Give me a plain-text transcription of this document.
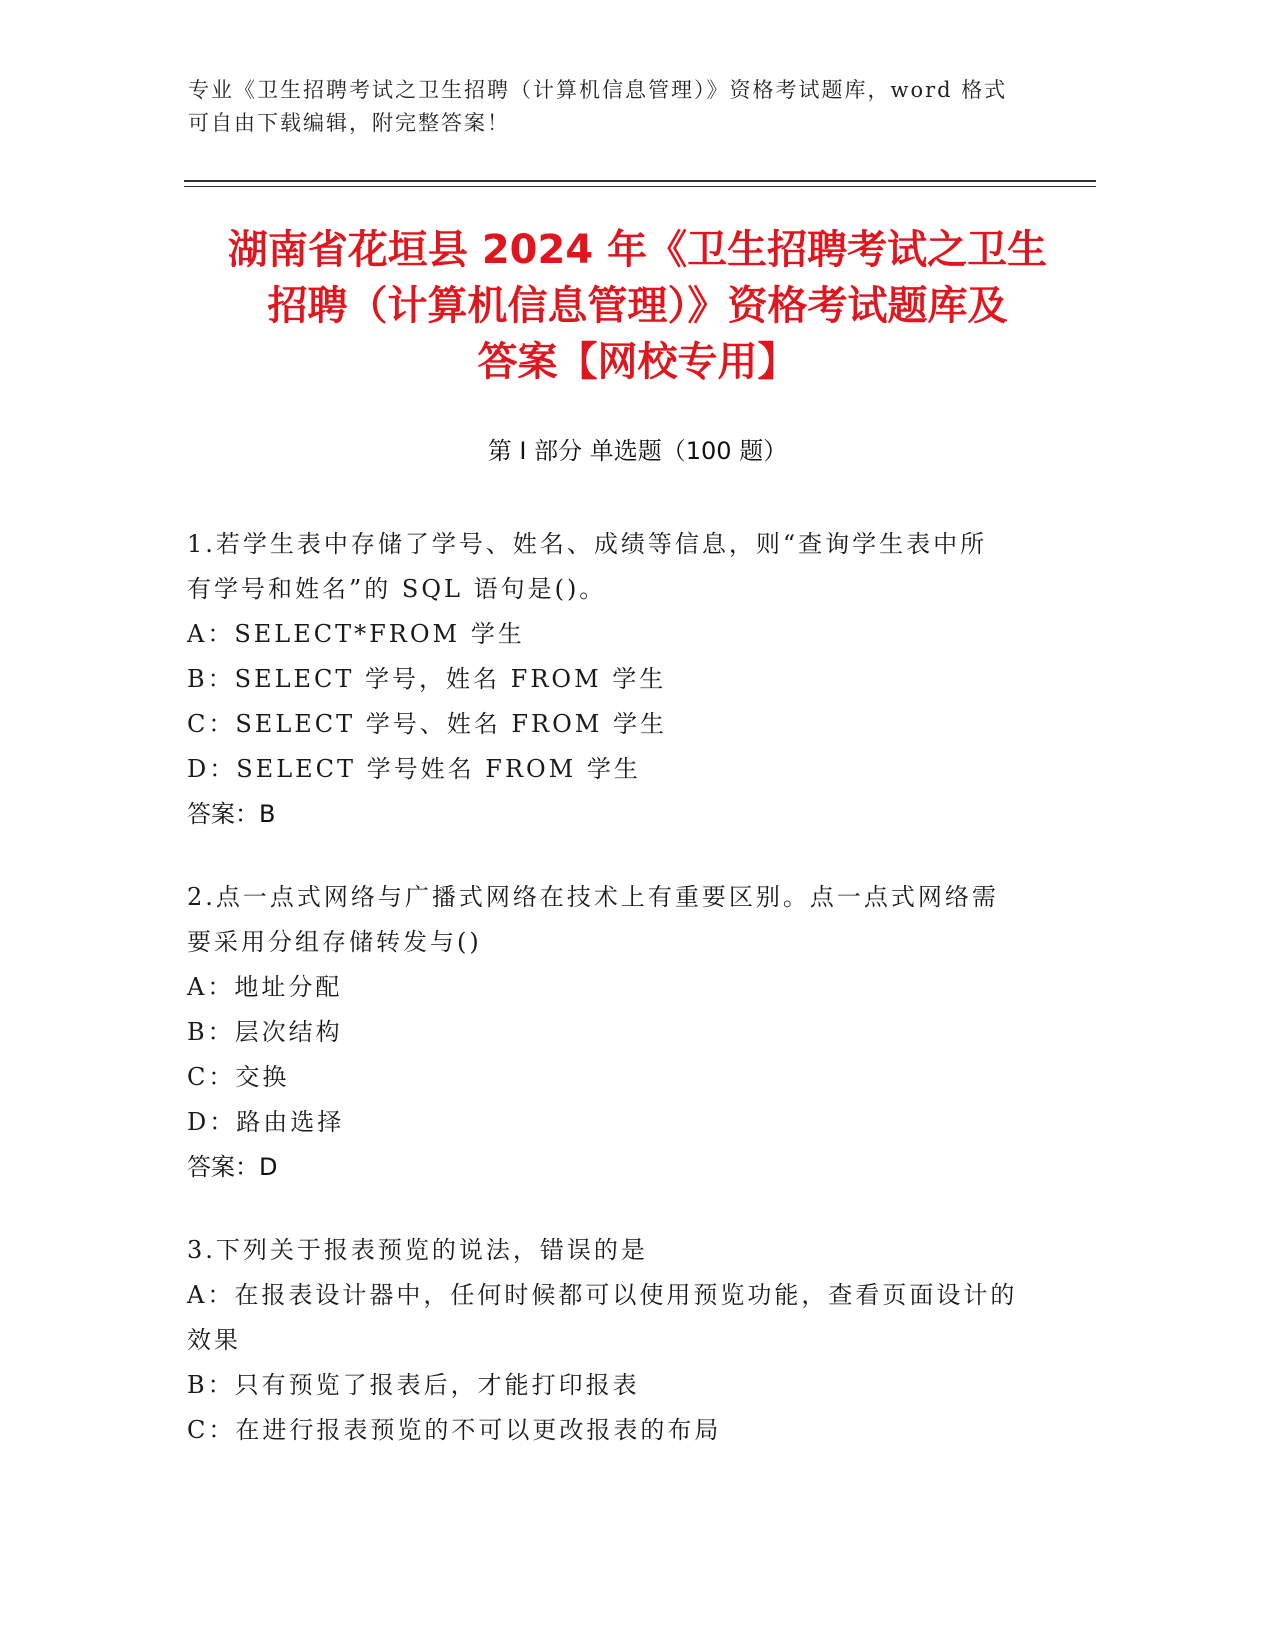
专业《卫生招聘考试之卫生招聘（计算机信息管理）》资格考试题库，word 格式
可自由下载编辑，附完整答案！
湖南省花垣县 2024 年《卫生招聘考试之卫生
招聘（计算机信息管理）》资格考试题库及
答案【网校专用】
第 I 部分 单选题（100 题）
1.若学生表中存储了学号、姓名、成绩等信息，则“查询学生表中所
有学号和姓名”的 SQL 语句是()。
A：SELECT*FROM 学生
B：SELECT 学号，姓名 FROM 学生
C：SELECT 学号、姓名 FROM 学生
D：SELECT 学号姓名 FROM 学生
答案：B
2.点一点式网络与广播式网络在技术上有重要区别。点一点式网络需
要采用分组存储转发与()
A：地址分配
B：层次结构
C：交换
D：路由选择
答案：D
3.下列关于报表预览的说法，错误的是
A：在报表设计器中，任何时候都可以使用预览功能，查看页面设计的
效果
B：只有预览了报表后，才能打印报表
C：在进行报表预览的不可以更改报表的布局
